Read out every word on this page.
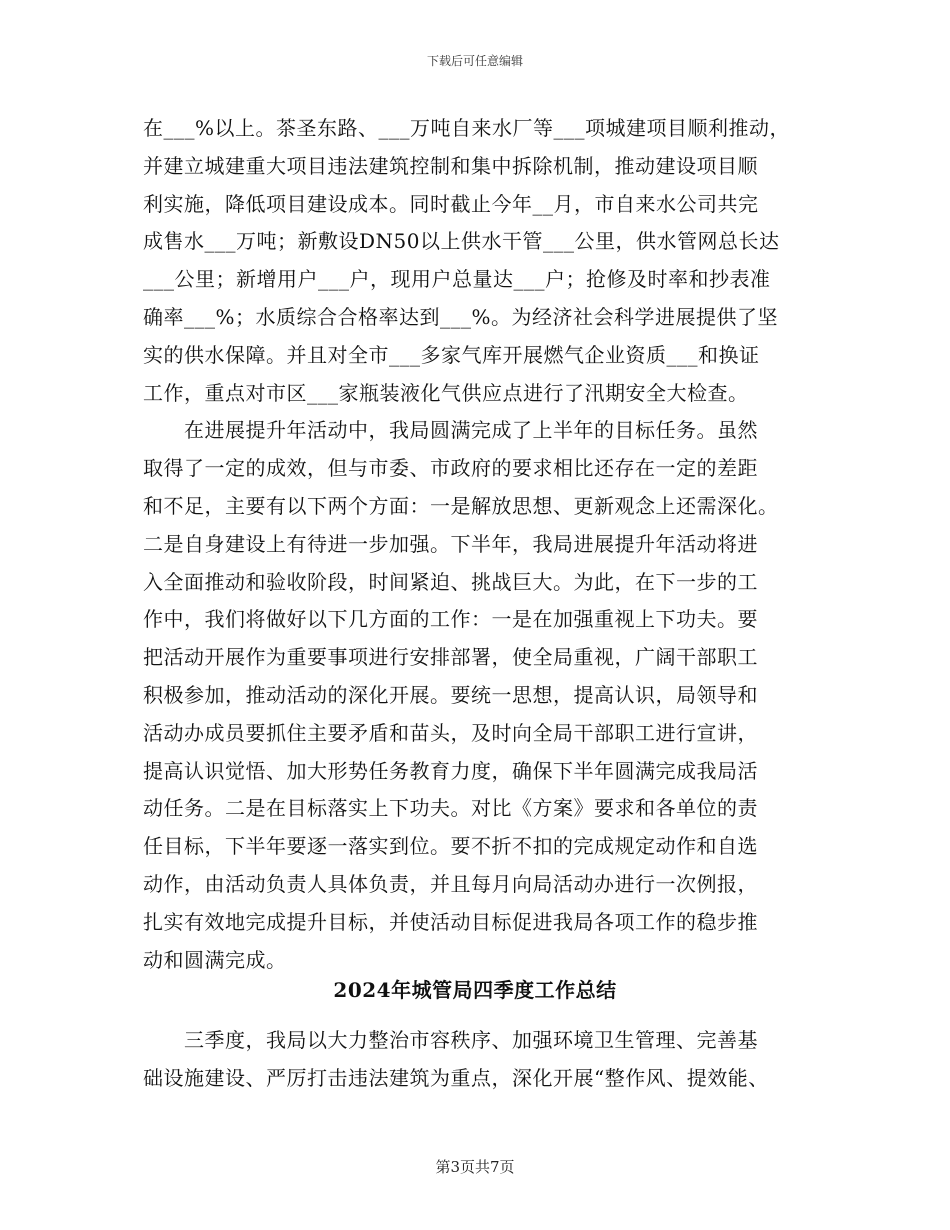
下载后可任意编辑
在___%以上。茶圣东路、___万吨自来水厂等___项城建项目顺利推动，
并建立城建重大项目违法建筑控制和集中拆除机制，推动建设项目顺
利实施，降低项目建设成本。同时截止今年__月，市自来水公司共完
成售水___万吨；新敷设DN50以上供水干管___公里，供水管网总长达
___公里；新增用户___户，现用户总量达___户；抢修及时率和抄表准
确率___%；水质综合合格率达到___%。为经济社会科学进展提供了坚
实的供水保障。并且对全市___多家气库开展燃气企业资质___和换证
工作，重点对市区___家瓶装液化气供应点进行了汛期安全大检查。
　　在进展提升年活动中，我局圆满完成了上半年的目标任务。虽然
取得了一定的成效，但与市委、市政府的要求相比还存在一定的差距
和不足，主要有以下两个方面：一是解放思想、更新观念上还需深化。
二是自身建设上有待进一步加强。下半年，我局进展提升年活动将进
入全面推动和验收阶段，时间紧迫、挑战巨大。为此，在下一步的工
作中，我们将做好以下几方面的工作：一是在加强重视上下功夫。要
把活动开展作为重要事项进行安排部署，使全局重视，广阔干部职工
积极参加，推动活动的深化开展。要统一思想，提高认识，局领导和
活动办成员要抓住主要矛盾和苗头，及时向全局干部职工进行宣讲，
提高认识觉悟、加大形势任务教育力度，确保下半年圆满完成我局活
动任务。二是在目标落实上下功夫。对比《方案》要求和各单位的责
任目标，下半年要逐一落实到位。要不折不扣的完成规定动作和自选
动作，由活动负责人具体负责，并且每月向局活动办进行一次例报，
扎实有效地完成提升目标，并使活动目标促进我局各项工作的稳步推
动和圆满完成。
2024年城管局四季度工作总结
　　三季度，我局以大力整治市容秩序、加强环境卫生管理、完善基
础设施建设、严厉打击违法建筑为重点，深化开展“整作风、提效能、
第3页共7页
